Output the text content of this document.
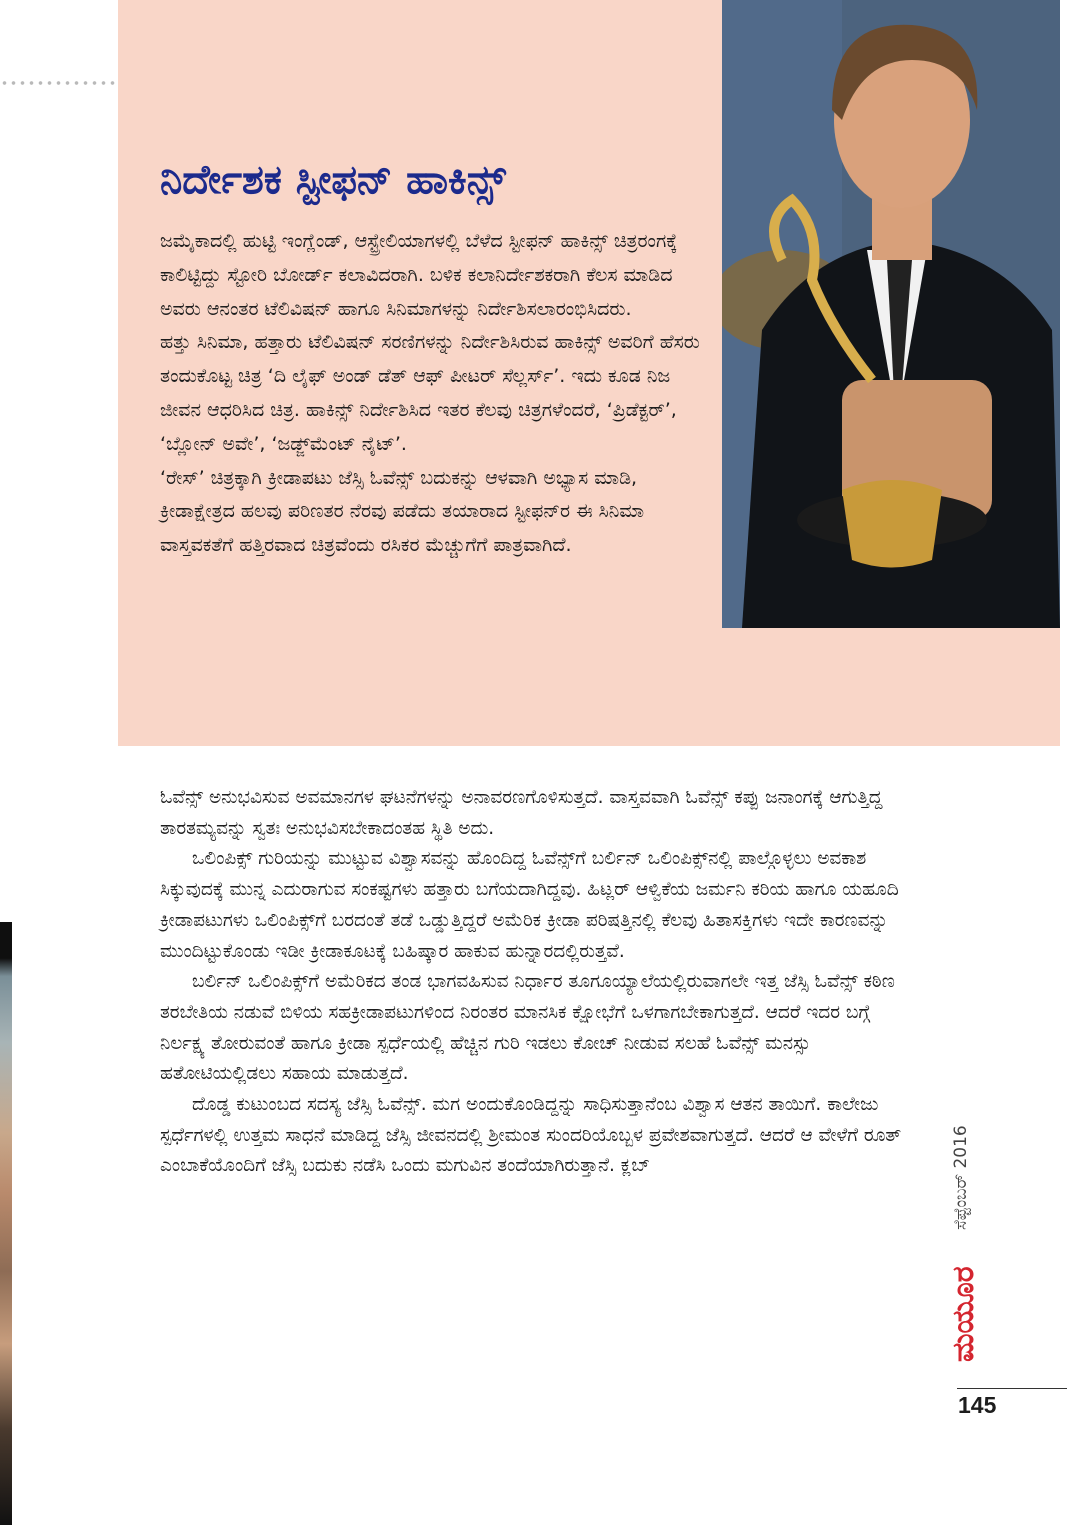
ನಿರ್ದೇಶಕ ಸ್ಟೀಫನ್ ಹಾಕಿನ್ಸ್

ಜಮೈಕಾದಲ್ಲಿ ಹುಟ್ಟಿ ಇಂಗ್ಲೆಂಡ್, ಆಸ್ಟ್ರೇಲಿಯಾಗಳಲ್ಲಿ ಬೆಳೆದ ಸ್ಟೀಫನ್ ಹಾಕಿನ್ಸ್ ಚಿತ್ರರಂಗಕ್ಕೆ ಕಾಲಿಟ್ಟಿದ್ದು ಸ್ಟೋರಿ ಬೋರ್ಡ್ ಕಲಾವಿದರಾಗಿ. ಬಳಿಕ ಕಲಾನಿರ್ದೇಶಕರಾಗಿ ಕೆಲಸ ಮಾಡಿದ ಅವರು ಆನಂತರ ಟೆಲಿವಿಷನ್ ಹಾಗೂ ಸಿನಿಮಾಗಳನ್ನು ನಿರ್ದೇಶಿಸಲಾರಂಭಿಸಿದರು.

ಹತ್ತು ಸಿನಿಮಾ, ಹತ್ತಾರು ಟೆಲಿವಿಷನ್ ಸರಣಿಗಳನ್ನು ನಿರ್ದೇಶಿಸಿರುವ ಹಾಕಿನ್ಸ್ ಅವರಿಗೆ ಹೆಸರು ತಂದುಕೊಟ್ಟ ಚಿತ್ರ ‘ದಿ ಲೈಫ್ ಅಂಡ್ ಡೆತ್ ಆಫ್ ಪೀಟರ್ ಸೆಲ್ಲರ್ಸ್’. ಇದು ಕೂಡ ನಿಜ ಜೀವನ ಆಧರಿಸಿದ ಚಿತ್ರ. ಹಾಕಿನ್ಸ್ ನಿರ್ದೇಶಿಸಿದ ಇತರ ಕೆಲವು ಚಿತ್ರಗಳೆಂದರೆ, ‘ಪ್ರಿಡೆಕ್ಟರ್’, ‘ಬ್ಲೋನ್ ಅವೇ’, ‘ಜಡ್ಜ್‌ಮೆಂಟ್ ನೈಟ್’.

‘ರೇಸ್’ ಚಿತ್ರಕ್ಕಾಗಿ ಕ್ರೀಡಾಪಟು ಜೆಸ್ಸಿ ಓವೆನ್ಸ್ ಬದುಕನ್ನು ಆಳವಾಗಿ ಅಭ್ಯಾಸ ಮಾಡಿ, ಕ್ರೀಡಾಕ್ಷೇತ್ರದ ಹಲವು ಪರಿಣತರ ನೆರವು ಪಡೆದು ತಯಾರಾದ ಸ್ಟೀಫನ್‌ರ ಈ ಸಿನಿಮಾ ವಾಸ್ತವಕತೆಗೆ ಹತ್ತಿರವಾದ ಚಿತ್ರವೆಂದು ರಸಿಕರ ಮೆಚ್ಚುಗೆಗೆ ಪಾತ್ರವಾಗಿದೆ.

ಓವೆನ್ಸ್ ಅನುಭವಿಸುವ ಅವಮಾನಗಳ ಘಟನೆಗಳನ್ನು ಅನಾವರಣಗೊಳಿಸುತ್ತದೆ. ವಾಸ್ತವವಾಗಿ ಓವೆನ್ಸ್ ಕಪ್ಪು ಜನಾಂಗಕ್ಕೆ ಆಗುತ್ತಿದ್ದ ತಾರತಮ್ಯವನ್ನು ಸ್ವತಃ ಅನುಭವಿಸಬೇಕಾದಂತಹ ಸ್ಥಿತಿ ಅದು.

ಒಲಿಂಪಿಕ್ಸ್ ಗುರಿಯನ್ನು ಮುಟ್ಟುವ ವಿಶ್ವಾಸವನ್ನು ಹೊಂದಿದ್ದ ಓವೆನ್ಸ್‌ಗೆ ಬರ್ಲಿನ್ ಒಲಿಂಪಿಕ್ಸ್‌ನಲ್ಲಿ ಪಾಲ್ಗೊಳ್ಳಲು ಅವಕಾಶ ಸಿಕ್ಕುವುದಕ್ಕೆ ಮುನ್ನ ಎದುರಾಗುವ ಸಂಕಷ್ಟಗಳು ಹತ್ತಾರು ಬಗೆಯದಾಗಿದ್ದವು. ಹಿಟ್ಲರ್ ಆಳ್ವಿಕೆಯ ಜರ್ಮನಿ ಕರಿಯ ಹಾಗೂ ಯಹೂದಿ ಕ್ರೀಡಾಪಟುಗಳು ಒಲಿಂಪಿಕ್ಸ್‌ಗೆ ಬರದಂತೆ ತಡೆ ಒಡ್ಡುತ್ತಿದ್ದರೆ ಅಮೆರಿಕ ಕ್ರೀಡಾ ಪರಿಷತ್ತಿನಲ್ಲಿ ಕೆಲವು ಹಿತಾಸಕ್ತಿಗಳು ಇದೇ ಕಾರಣವನ್ನು ಮುಂದಿಟ್ಟುಕೊಂಡು ಇಡೀ ಕ್ರೀಡಾಕೂಟಕ್ಕೆ ಬಹಿಷ್ಕಾರ ಹಾಕುವ ಹುನ್ನಾರದಲ್ಲಿರುತ್ತವೆ.

ಬರ್ಲಿನ್ ಒಲಿಂಪಿಕ್ಸ್‌ಗೆ ಅಮೆರಿಕದ ತಂಡ ಭಾಗವಹಿಸುವ ನಿರ್ಧಾರ ತೂಗೂಯ್ಯಾಲೆಯಲ್ಲಿರುವಾಗಲೇ ಇತ್ತ ಜೆಸ್ಸಿ ಓವೆನ್ಸ್ ಕಠಿಣ ತರಬೇತಿಯ ನಡುವೆ ಬಿಳಿಯ ಸಹಕ್ರೀಡಾಪಟುಗಳಿಂದ ನಿರಂತರ ಮಾನಸಿಕ ಕ್ಷೋಭೆಗೆ ಒಳಗಾಗಬೇಕಾಗುತ್ತದೆ. ಆದರೆ ಇದರ ಬಗ್ಗೆ ನಿರ್ಲಕ್ಷ್ಯ ತೋರುವಂತೆ ಹಾಗೂ ಕ್ರೀಡಾ ಸ್ಪರ್ಧೆಯಲ್ಲಿ ಹೆಚ್ಚಿನ ಗುರಿ ಇಡಲು ಕೋಚ್ ನೀಡುವ ಸಲಹೆ ಓವೆನ್ಸ್ ಮನಸ್ಸು ಹತೋಟಿಯಲ್ಲಿಡಲು ಸಹಾಯ ಮಾಡುತ್ತದೆ.

ದೊಡ್ಡ ಕುಟುಂಬದ ಸದಸ್ಯ ಜೆಸ್ಸಿ ಓವೆನ್ಸ್. ಮಗ ಅಂದುಕೊಂಡಿದ್ದನ್ನು ಸಾಧಿಸುತ್ತಾನೆಂಬ ವಿಶ್ವಾಸ ಆತನ ತಾಯಿಗೆ. ಕಾಲೇಜು ಸ್ಪರ್ಧೆಗಳಲ್ಲಿ ಉತ್ತಮ ಸಾಧನೆ ಮಾಡಿದ್ದ ಜೆಸ್ಸಿ ಜೀವನದಲ್ಲಿ ಶ್ರೀಮಂತ ಸುಂದರಿಯೊಬ್ಬಳ ಪ್ರವೇಶವಾಗುತ್ತದೆ. ಆದರೆ ಆ ವೇಳೆಗೆ ರೂತ್ ಎಂಬಾಕೆಯೊಂದಿಗೆ ಜೆಸ್ಸಿ ಬದುಕು ನಡೆಸಿ ಒಂದು ಮಗುವಿನ ತಂದೆಯಾಗಿರುತ್ತಾನೆ. ಕ್ಲಬ್	ಸೆಪ್ಟೆಂಬರ್ 2016
ಮಯೂರ
145
